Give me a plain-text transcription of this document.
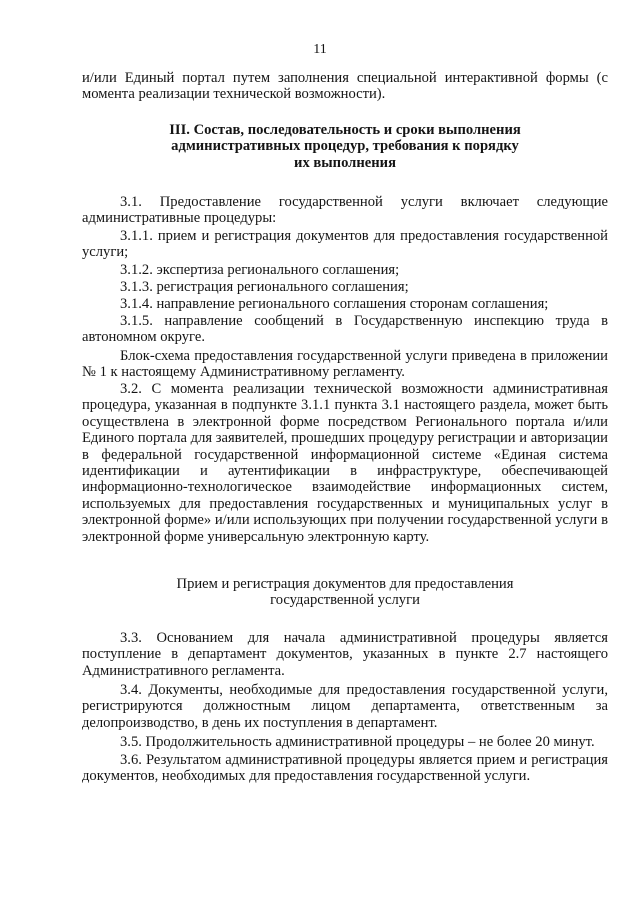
11

и/или Единый портал путем заполнения специальной интерактивной формы (с момента реализации технической возможности).

III. Состав, последовательность и сроки выполнения
административных процедур, требования к порядку
их выполнения

3.1. Предоставление государственной услуги включает следующие административные процедуры:

3.1.1. прием и регистрация документов для предоставления государственной услуги;

3.1.2. экспертиза регионального соглашения;

3.1.3. регистрация регионального соглашения;

3.1.4. направление регионального соглашения сторонам соглашения;

3.1.5. направление сообщений в Государственную инспекцию труда в автономном округе.

Блок-схема предоставления государственной услуги приведена в приложении № 1 к настоящему Административному регламенту.

3.2. С момента реализации технической возможности административная процедура, указанная в подпункте 3.1.1 пункта 3.1 настоящего раздела, может быть осуществлена в электронной форме посредством Регионального портала и/или Единого портала для заявителей, прошедших процедуру регистрации и авторизации в федеральной государственной информационной системе «Единая система идентификации и аутентификации в инфраструктуре, обеспечивающей информационно-технологическое взаимодействие информационных систем, используемых для предоставления государственных и муниципальных услуг в электронной форме» и/или использующих при получении государственной услуги в электронной форме универсальную электронную карту.

Прием и регистрация документов для предоставления
государственной услуги

3.3. Основанием для начала административной процедуры является поступление в департамент документов, указанных в пункте 2.7 настоящего Административного регламента.

3.4. Документы, необходимые для предоставления государственной услуги, регистрируются должностным лицом департамента, ответственным за делопроизводство, в день их поступления в департамент.

3.5. Продолжительность административной процедуры – не более 20 минут.

3.6. Результатом административной процедуры является прием и регистрация документов, необходимых для предоставления государственной услуги.
